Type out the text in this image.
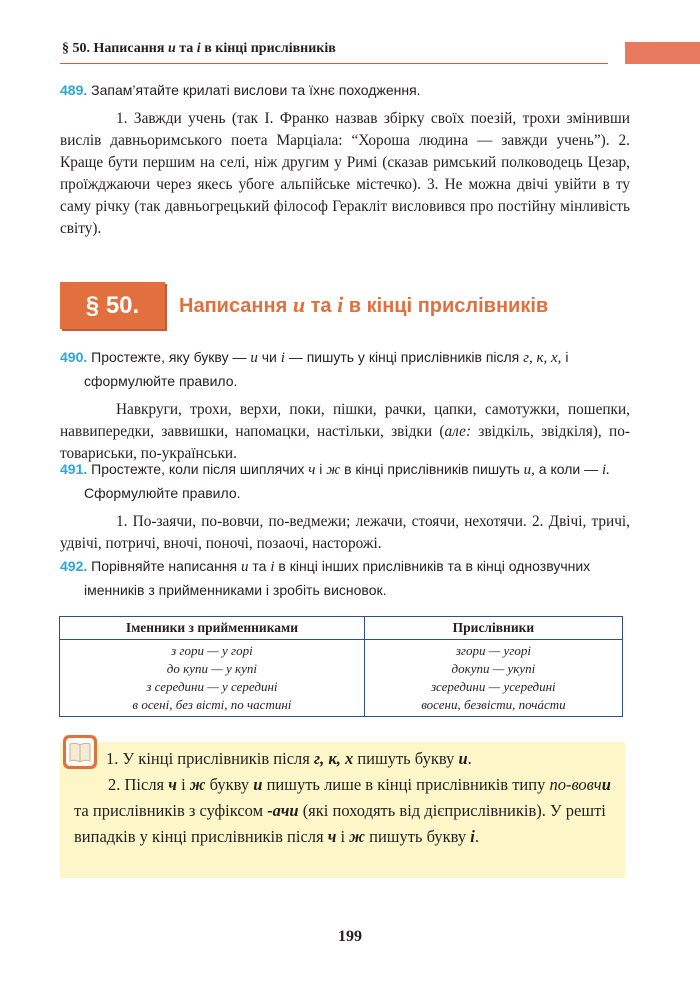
§ 50. Написання и та і в кінці прислівників
489. Запам’ятайте крилаті вислови та їхнє походження.
1. Завжди учень (так І. Франко назвав збірку своїх поезій, трохи змінивши вислів давньоримського поета Марціала: “Хороша людина — завжди учень”). 2. Краще бути першим на селі, ніж другим у Римі (сказав римський полководець Цезар, проїжджаючи через якесь убоге альпійське містечко). 3. Не можна двічі увійти в ту саму річку (так давньогрецький філософ Геракліт висловився про постійну мінливість світу).
§ 50.	Написання и та і в кінці прислівників
490. Простежте, яку букву — и чи і — пишуть у кінці прислівників після г, к, х, і сформулюйте правило.
Навкруги, трохи, верхи, поки, пішки, рачки, цапки, самотужки, пошепки, наввипередки, заввишки, напомацки, настільки, звідки (але: звідкіль, звідкіля), по-товариськи, по-українськи.
491. Простежте, коли після шиплячих ч і ж в кінці прислівників пишуть и, а коли — і. Сформулюйте правило.
1. По-заячи, по-вовчи, по-ведмежи; лежачи, стоячи, нехотячи. 2. Двічі, тричі, удвічі, потричі, вночі, поночі, позаочі, насторожі.
492. Порівняйте написання и та і в кінці інших прислівників та в кінці однозвучних іменників з прийменниками і зробіть висновок.
Іменники з прийменниками	Прислівники
з гори — у горі	згори — угорі
до купи — у купі	докупи — укупі
з середини — у середині	зсередини — усередині
в осені, без вісті, по частині	восени, безвісти, почáсти
1. У кінці прислівників після г, к, х пишуть букву и.
2. Після ч і ж букву и пишуть лише в кінці прислівників типу по-вовчи та прислівників з суфіксом -ачи (які походять від дієприслівників). У решті випадків у кінці прислівників після ч і ж пишуть букву і.
199
